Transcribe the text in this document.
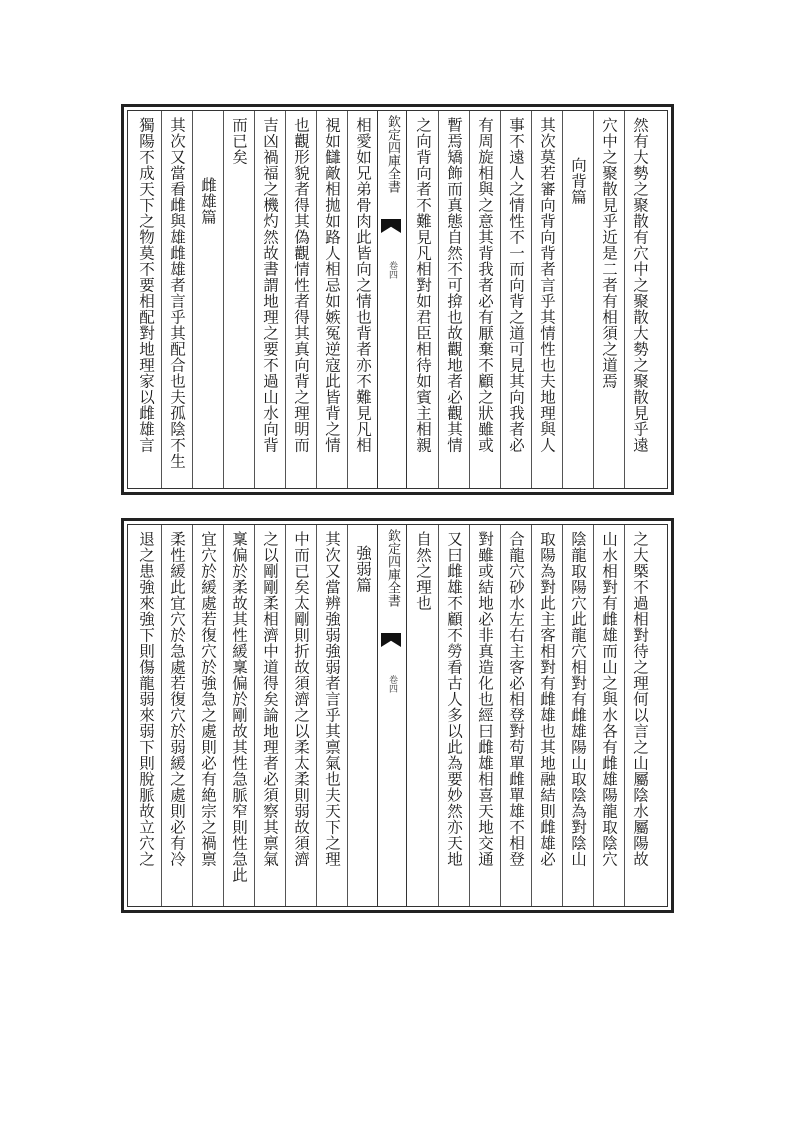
然有大勢之聚散有穴中之聚散大勢之聚散見乎遠
穴中之聚散見乎近是二者有相須之道焉
向背篇
其次莫若審向背向背者言乎其情性也夫地理與人
事不遠人之情性不一而向背之道可見其向我者必
有周旋相與之意其背我者必有厭棄不顧之狀雖或
暫焉矯飾而真態自然不可揜也故觀地者必觀其情
之向背向者不難見凡相對如君臣相待如賓主相親
欽定四庫全書
卷四
相愛如兄弟骨肉此皆向之情也背者亦不難見凡相
視如讎敵相拋如路人相忌如嫉冤逆寇此皆背之情
也觀形貌者得其偽觀情性者得其真向背之理明而
吉凶禍福之機灼然故書謂地理之要不過山水向背
而已矣
雌雄篇
其次又當看雌與雄雌雄者言乎其配合也夫孤陰不生
獨陽不成天下之物莫不要相配對地理家以雌雄言
之大槩不過相對待之理何以言之山屬陰水屬陽故
山水相對有雌雄而山之與水各有雌雄陽龍取陰穴
陰龍取陽穴此龍穴相對有雌雄陽山取陰為對陰山
取陽為對此主客相對有雌雄也其地融結則雌雄必
合龍穴砂水左右主客必相登對苟單雌單雄不相登
對雖或結地必非真造化也經曰雌雄相喜天地交通
又曰雌雄不顧不勞看古人多以此為要妙然亦天地
自然之理也
欽定四庫全書
卷四
強弱篇
其次又當辨強弱強弱者言乎其禀氣也夫天下之理
中而已矣太剛則折故須濟之以柔太柔則弱故須濟
之以剛剛柔相濟中道得矣論地理者必須察其禀氣
稟偏於柔故其性緩稟偏於剛故其性急脈窄則性急此
宜穴於緩處若復穴於強急之處則必有絶宗之禍禀
柔性緩此宜穴於急處若復穴於弱緩之處則必有冷
退之患強來強下則傷龍弱來弱下則脫脈故立穴之
